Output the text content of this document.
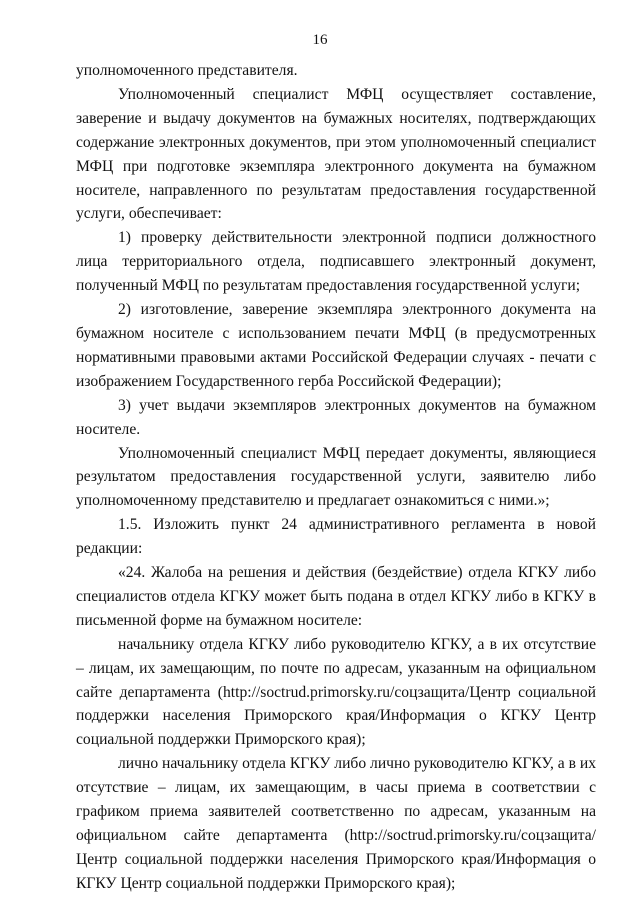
16

уполномоченного представителя.

Уполномоченный специалист МФЦ осуществляет составление, заверение и выдачу документов на бумажных носителях, подтверждающих содержание электронных документов, при этом уполномоченный специалист МФЦ при подготовке экземпляра электронного документа на бумажном носителе, направленного по результатам предоставления государственной услуги, обеспечивает:

1) проверку действительности электронной подписи должностного лица территориального отдела, подписавшего электронный документ, полученный МФЦ по результатам предоставления государственной услуги;

2) изготовление, заверение экземпляра электронного документа на бумажном носителе с использованием печати МФЦ (в предусмотренных нормативными правовыми актами Российской Федерации случаях - печати с изображением Государственного герба Российской Федерации);

3) учет выдачи экземпляров электронных документов на бумажном носителе.

Уполномоченный специалист МФЦ передает документы, являющиеся результатом предоставления государственной услуги, заявителю либо уполномоченному представителю и предлагает ознакомиться с ними.»;

1.5. Изложить пункт 24 административного регламента в новой редакции:

«24. Жалоба на решения и действия (бездействие) отдела КГКУ либо специалистов отдела КГКУ может быть подана в отдел КГКУ либо в КГКУ в письменной форме на бумажном носителе:

начальнику отдела КГКУ либо руководителю КГКУ, а в их отсутствие – лицам, их замещающим, по почте по адресам, указанным на официальном сайте департамента (http://soctrud.primorsky.ru/соцзащита/Центр социальной поддержки населения Приморского края/Информация о КГКУ Центр социальной поддержки Приморского края);

лично начальнику отдела КГКУ либо лично руководителю КГКУ, а в их отсутствие – лицам, их замещающим, в часы приема в соответствии с графиком приема заявителей соответственно по адресам, указанным на официальном сайте департамента (http://soctrud.primorsky.ru/соцзащита/Центр социальной поддержки населения Приморского края/Информация о КГКУ Центр социальной поддержки Приморского края);
